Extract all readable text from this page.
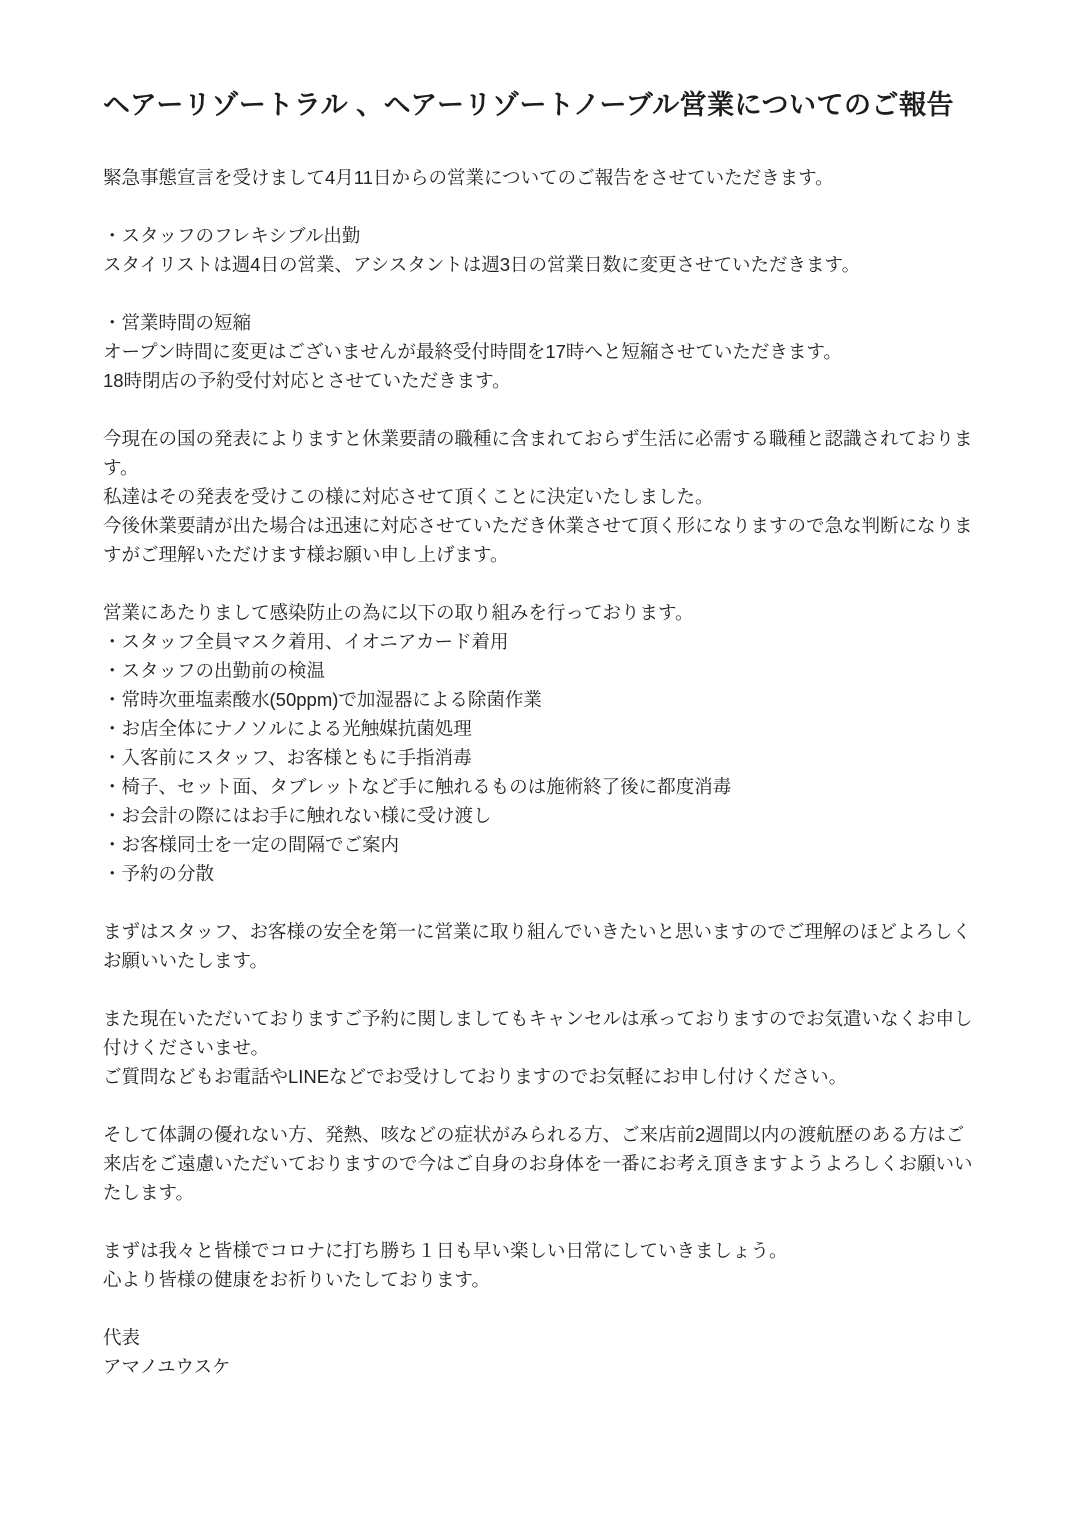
ヘアーリゾートラル 、ヘアーリゾートノーブル営業についてのご報告

緊急事態宣言を受けまして4月11日からの営業についてのご報告をさせていただきます。

・スタッフのフレキシブル出勤
スタイリストは週4日の営業、アシスタントは週3日の営業日数に変更させていただきます。

・営業時間の短縮
オープン時間に変更はございませんが最終受付時間を17時へと短縮させていただきます。
18時閉店の予約受付対応とさせていただきます。

今現在の国の発表によりますと休業要請の職種に含まれておらず生活に必需する職種と認識されております。
私達はその発表を受けこの様に対応させて頂くことに決定いたしました。
今後休業要請が出た場合は迅速に対応させていただき休業させて頂く形になりますので急な判断になりますがご理解いただけます様お願い申し上げます。

営業にあたりまして感染防止の為に以下の取り組みを行っております。
・スタッフ全員マスク着用、イオニアカード着用
・スタッフの出勤前の検温
・常時次亜塩素酸水(50ppm)で加湿器による除菌作業
・お店全体にナノソルによる光触媒抗菌処理
・入客前にスタッフ、お客様ともに手指消毒
・椅子、セット面、タブレットなど手に触れるものは施術終了後に都度消毒
・お会計の際にはお手に触れない様に受け渡し
・お客様同士を一定の間隔でご案内
・予約の分散

まずはスタッフ、お客様の安全を第一に営業に取り組んでいきたいと思いますのでご理解のほどよろしくお願いいたします。

また現在いただいておりますご予約に関しましてもキャンセルは承っておりますのでお気遣いなくお申し付けくださいませ。
ご質問などもお電話やLINEなどでお受けしておりますのでお気軽にお申し付けください。

そして体調の優れない方、発熱、咳などの症状がみられる方、ご来店前2週間以内の渡航歴のある方はご来店をご遠慮いただいておりますので今はご自身のお身体を一番にお考え頂きますようよろしくお願いいたします。

まずは我々と皆様でコロナに打ち勝ち１日も早い楽しい日常にしていきましょう。
心より皆様の健康をお祈りいたしております。

代表
アマノユウスケ
